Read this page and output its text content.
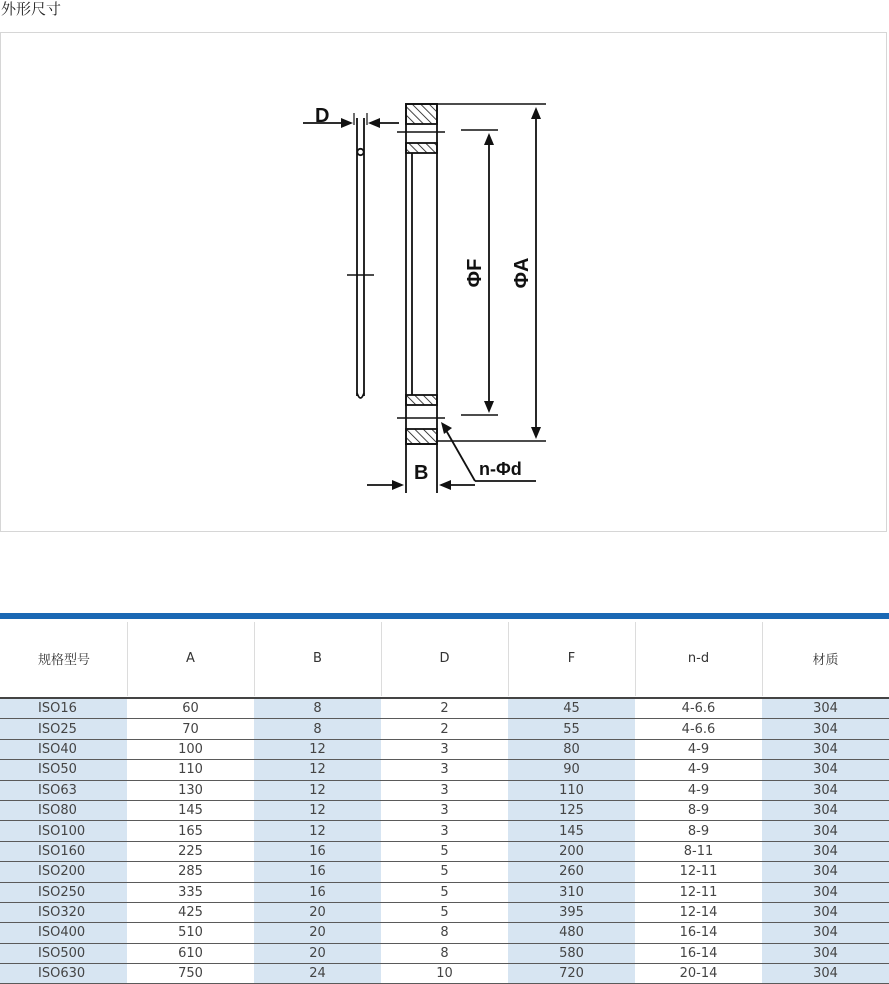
外形尺寸
D
ΦF ΦA
B	n-Φd
规格型号	A	B	D	F	n-d	材质
ISO16	60	8	2	45	4-6.6	304
ISO25	70	8	2	55	4-6.6	304
ISO40	100	12	3	80	4-9	304
ISO50	110	12	3	90	4-9	304
ISO63	130	12	3	110	4-9	304
ISO80	145	12	3	125	8-9	304
ISO100	165	12	3	145	8-9	304
ISO160	225	16	5	200	8-11	304
ISO200	285	16	5	260	12-11	304
ISO250	335	16	5	310	12-11	304
ISO320	425	20	5	395	12-14	304
ISO400	510	20	8	480	16-14	304
ISO500	610	20	8	580	16-14	304
ISO630	750	24	10	720	20-14	304
